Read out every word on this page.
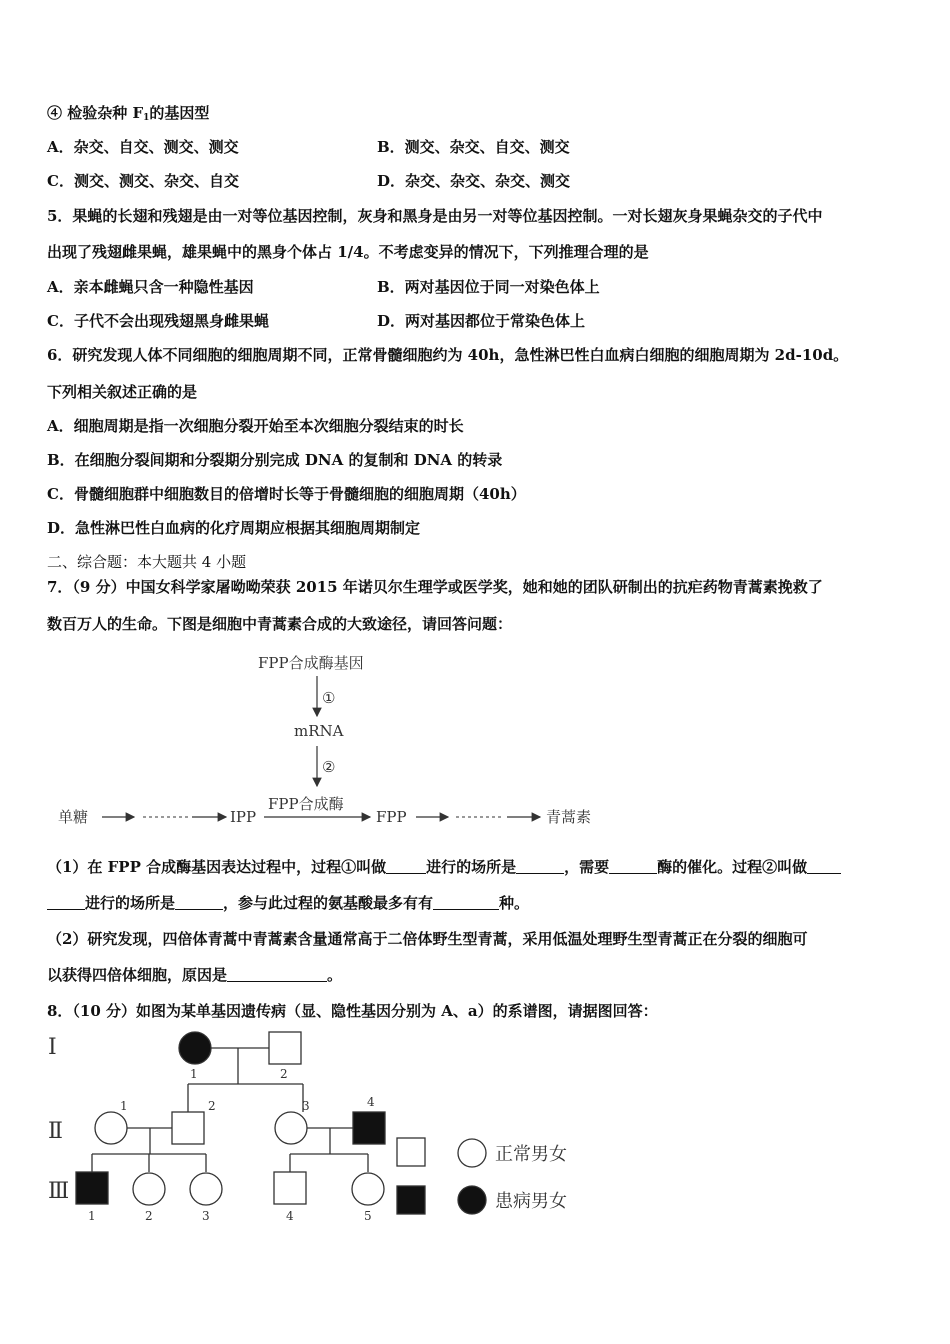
④ 检验杂种 $F_1$的基因型
A．杂交、自交、测交、测交	B．测交、杂交、自交、测交
C．测交、测交、杂交、自交	D．杂交、杂交、杂交、测交
5．果蝇的长翅和残翅是由一对等位基因控制，灰身和黑身是由另一对等位基因控制。一对长翅灰身果蝇杂交的子代中
出现了残翅雌果蝇，雄果蝇中的黑身个体占 1/4。不考虑变异的情况下，下列推理合理的是
A．亲本雌蝇只含一种隐性基因	B．两对基因位于同一对染色体上
C．子代不会出现残翅黑身雌果蝇	D．两对基因都位于常染色体上
6．研究发现人体不同细胞的细胞周期不同，正常骨髓细胞约为 40h，急性淋巴性白血病白细胞的细胞周期为 2d-10d。
下列相关叙述正确的是
A．细胞周期是指一次细胞分裂开始至本次细胞分裂结束的时长
B．在细胞分裂间期和分裂期分别完成 DNA 的复制和 DNA 的转录
C．骨髓细胞群中细胞数目的倍增时长等于骨髓细胞的细胞周期（40h）
D．急性淋巴性白血病的化疗周期应根据其细胞周期制定
二、综合题：本大题共 4 小题
7．（9 分）中国女科学家屠呦呦荣获 2015 年诺贝尔生理学或医学奖，她和她的团队研制出的抗疟药物青蒿素挽救了
数百万人的生命。下图是细胞中青蒿素合成的大致途径，请回答问题：
FPP合成酶基因
①
mRNA
②
单糖	IPP
FPP合成酶
FPP	青蒿素
（1）在 FPP 合成酶基因表达过程中，过程①叫做	进行的场所是	，需要	酶的催化。过程②叫做
进行的场所是	，参与此过程的氨基酸最多有有	种。
（2）研究发现，四倍体青蒿中青蒿素含量通常高于二倍体野生型青蒿，采用低温处理野生型青蒿正在分裂的细胞可
以获得四倍体细胞，原因是	。
8．（10 分）如图为某单基因遗传病（显、隐性基因分别为 A、a）的系谱图，请据图回答：
Ⅰ
Ⅱ
Ⅲ
1	2
1	2	3	4
1	2	3	4	5
正常男女
患病男女
